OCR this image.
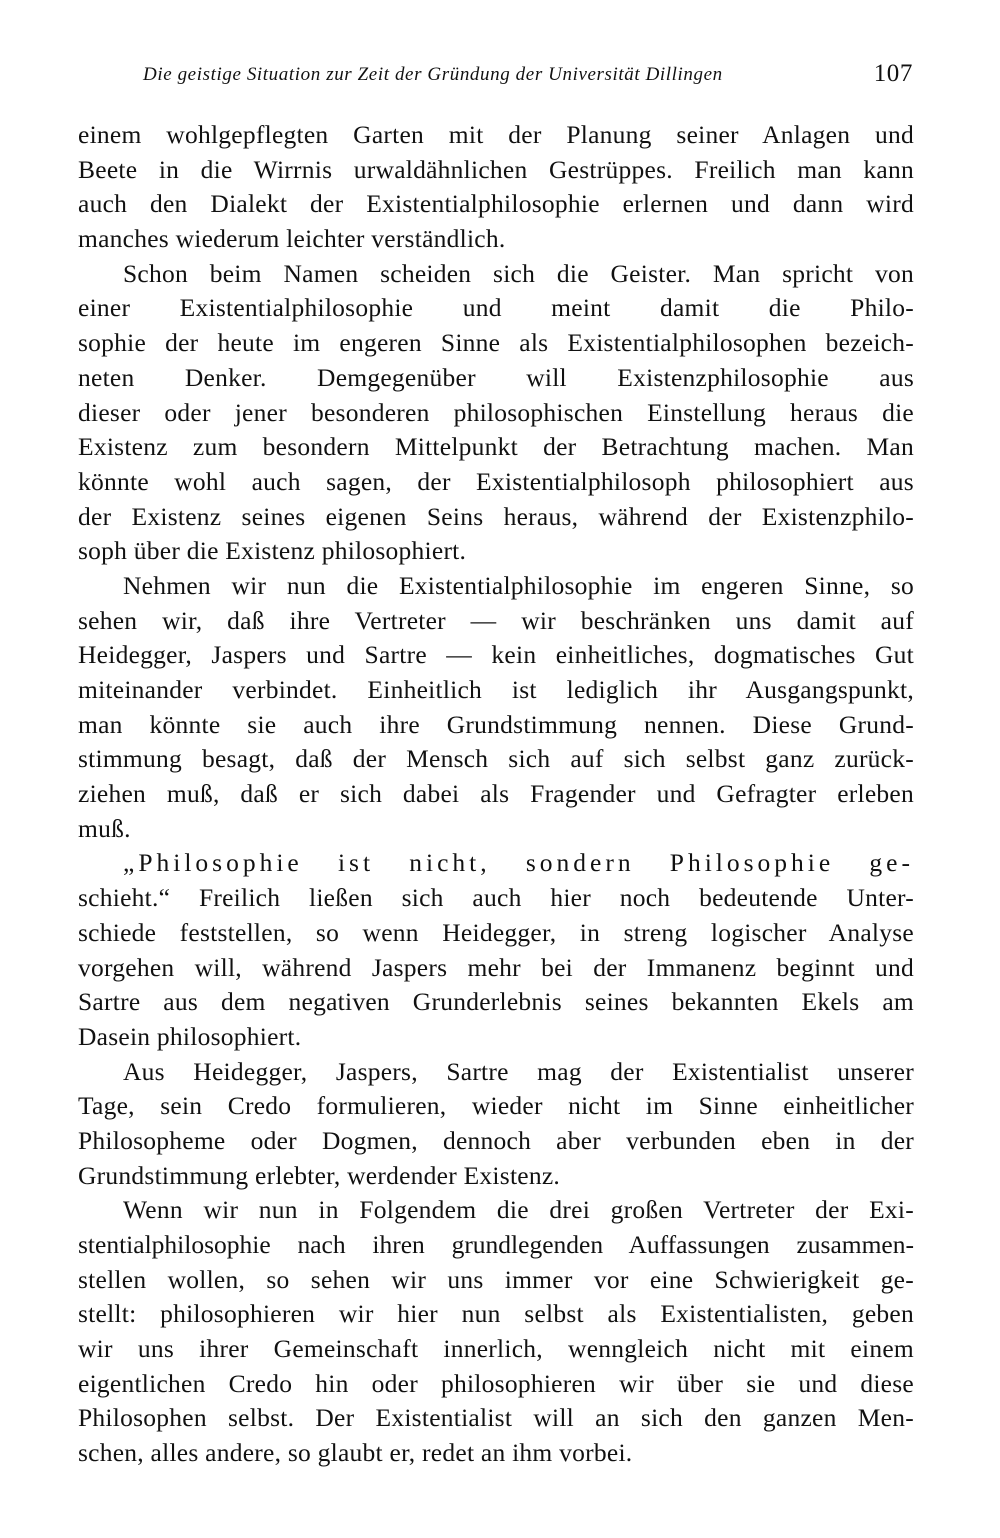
Die geistige Situation zur Zeit der Gründung der Universität Dillingen	107

einem wohlgepflegten Garten mit der Planung seiner Anlagen und
Beete in die Wirrnis urwaldähnlichen Gestrüppes. Freilich man kann
auch den Dialekt der Existentialphilosophie erlernen und dann wird
manches wiederum leichter verständlich.

Schon beim Namen scheiden sich die Geister. Man spricht von
einer Existentialphilosophie und meint damit die Philo-
sophie der heute im engeren Sinne als Existentialphilosophen bezeich-
neten Denker. Demgegenüber will Existenzphilosophie aus
dieser oder jener besonderen philosophischen Einstellung heraus die
Existenz zum besondern Mittelpunkt der Betrachtung machen. Man
könnte wohl auch sagen, der Existentialphilosoph philosophiert aus
der Existenz seines eigenen Seins heraus, während der Existenzphilo-
soph über die Existenz philosophiert.

Nehmen wir nun die Existentialphilosophie im engeren Sinne, so
sehen wir, daß ihre Vertreter — wir beschränken uns damit auf
Heidegger, Jaspers und Sartre — kein einheitliches, dogmatisches Gut
miteinander verbindet. Einheitlich ist lediglich ihr Ausgangspunkt,
man könnte sie auch ihre Grundstimmung nennen. Diese Grund-
stimmung besagt, daß der Mensch sich auf sich selbst ganz zurück-
ziehen muß, daß er sich dabei als Fragender und Gefragter erleben
muß.

„Philosophie ist nicht, sondern Philosophie ge-
schieht.“ Freilich ließen sich auch hier noch bedeutende Unter-
schiede feststellen, so wenn Heidegger, in streng logischer Analyse
vorgehen will, während Jaspers mehr bei der Immanenz beginnt und
Sartre aus dem negativen Grunderlebnis seines bekannten Ekels am
Dasein philosophiert.

Aus Heidegger, Jaspers, Sartre mag der Existentialist unserer
Tage, sein Credo formulieren, wieder nicht im Sinne einheitlicher
Philosopheme oder Dogmen, dennoch aber verbunden eben in der
Grundstimmung erlebter, werdender Existenz.

Wenn wir nun in Folgendem die drei großen Vertreter der Exi-
stentialphilosophie nach ihren grundlegenden Auffassungen zusammen-
stellen wollen, so sehen wir uns immer vor eine Schwierigkeit ge-
stellt: philosophieren wir hier nun selbst als Existentialisten, geben
wir uns ihrer Gemeinschaft innerlich, wenngleich nicht mit einem
eigentlichen Credo hin oder philosophieren wir über sie und diese
Philosophen selbst. Der Existentialist will an sich den ganzen Men-
schen, alles andere, so glaubt er, redet an ihm vorbei.
